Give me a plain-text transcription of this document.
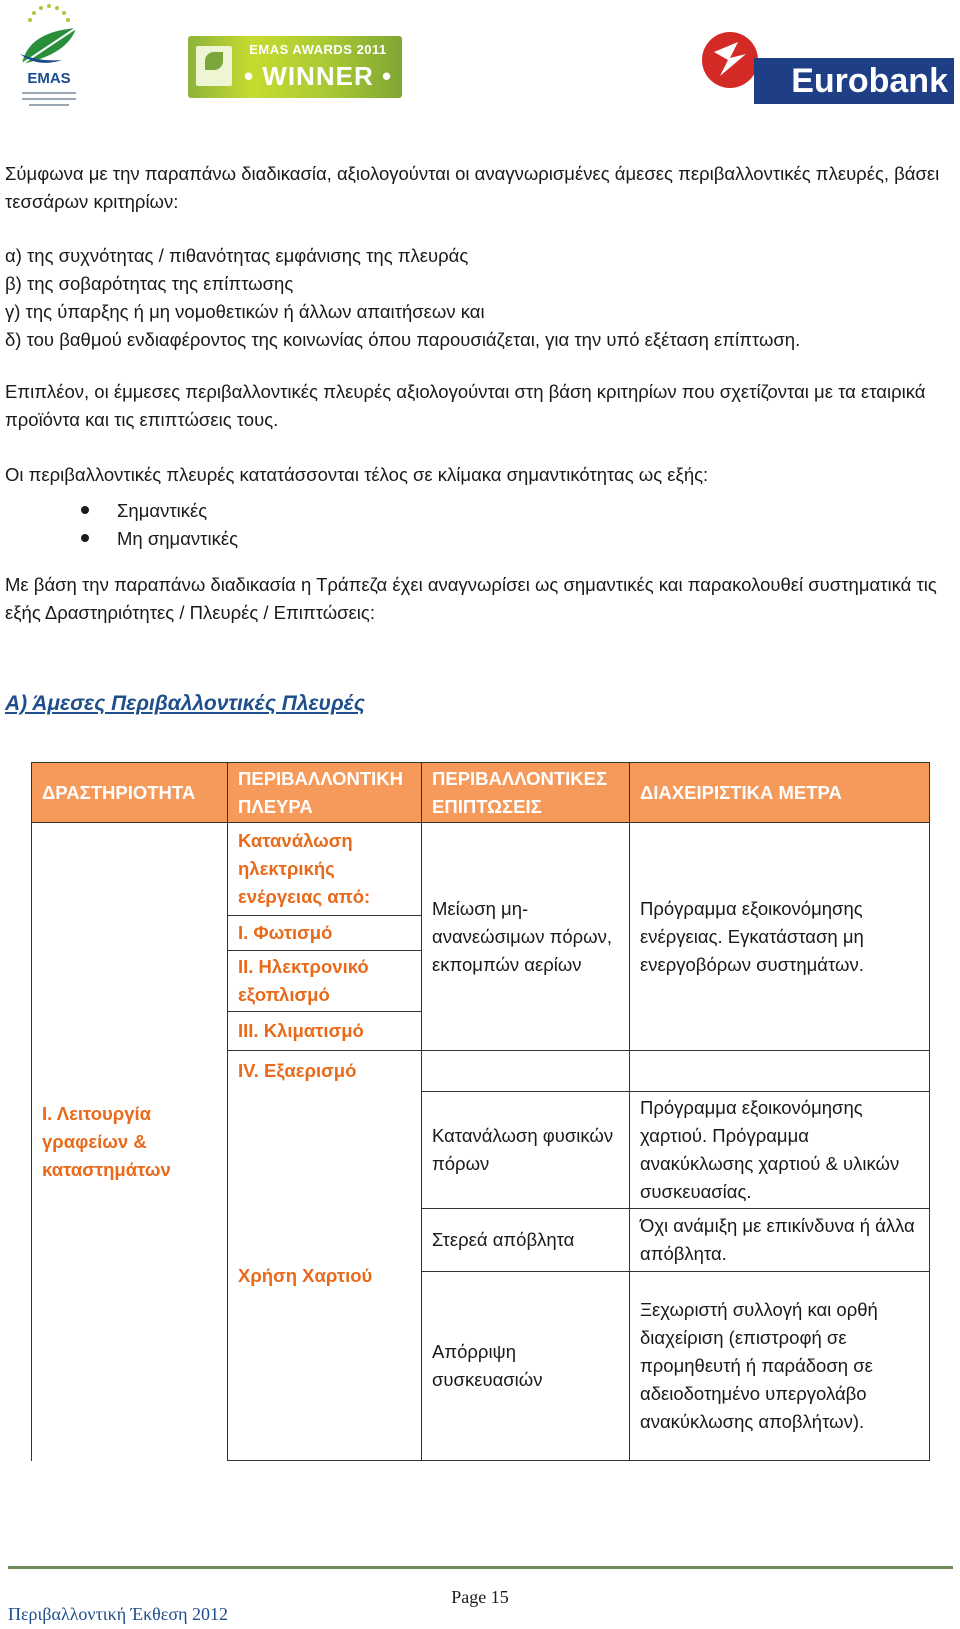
EMAS
EMAS AWARDS 2011
• WINNER •	Eurobank

Σύμφωνα με την παραπάνω διαδικασία, αξιολογούνται οι αναγνωρισμένες άμεσες περιβαλλοντικές πλευρές, βάσει τεσσάρων κριτηρίων:

α) της συχνότητας / πιθανότητας εμφάνισης της πλευράς

β) της σοβαρότητας της επίπτωσης

γ) της ύπαρξης ή μη νομοθετικών ή άλλων απαιτήσεων και

δ) του βαθμού ενδιαφέροντος της κοινωνίας όπου παρουσιάζεται, για την υπό εξέταση επίπτωση.

Επιπλέον, οι έμμεσες περιβαλλοντικές πλευρές αξιολογούνται στη βάση κριτηρίων που σχετίζονται με τα εταιρικά προϊόντα και τις επιπτώσεις τους.

Οι περιβαλλοντικές πλευρές κατατάσσονται τέλος σε κλίμακα σημαντικότητας ως εξής:

Σημαντικές
Μη σημαντικές

Με βάση την παραπάνω διαδικασία η Τράπεζα έχει αναγνωρίσει ως σημαντικές και παρακολουθεί συστηματικά τις εξής Δραστηριότητες / Πλευρές / Επιπτώσεις:

Α) Άμεσες Περιβαλλοντικές Πλευρές
ΔΡΑΣΤΗΡΙΟΤΗΤΑ	ΠΕΡΙΒΑΛΛΟΝΤΙΚΗ ΠΛΕΥΡΑ	ΠΕΡΙΒΑΛΛΟΝΤΙΚΕΣ ΕΠΙΠΤΩΣΕΙΣ	ΔΙΑΧΕΙΡΙΣΤΙΚΑ ΜΕΤΡΑ
Ι. Λειτουργία γραφείων & καταστημάτων	Κατανάλωση ηλεκτρικής ενέργειας από:	Μείωση μη-ανανεώσιμων πόρων, εκπομπών αερίων	Πρόγραμμα εξοικονόμησης ενέργειας. Εγκατάσταση μη ενεργοβόρων συστημάτων.
	Ι. Φωτισμό		
	ΙΙ. Ηλεκτρονικό εξοπλισμό		
	ΙΙΙ. Κλιματισμό		
	IV. Εξαερισμό		
	Χρήση Χαρτιού	Κατανάλωση φυσικών πόρων	Πρόγραμμα εξοικονόμησης χαρτιού. Πρόγραμμα ανακύκλωσης χαρτιού & υλικών συσκευασίας.
		Στερεά απόβλητα	Όχι ανάμιξη με επικίνδυνα ή άλλα απόβλητα.
		Απόρριψη συσκευασιών	Ξεχωριστή συλλογή και ορθή διαχείριση (επιστροφή σε προμηθευτή ή παράδοση σε αδειοδοτημένο υπεργολάβο ανακύκλωσης αποβλήτων).
Page 15
Περιβαλλοντική Έκθεση 2012
